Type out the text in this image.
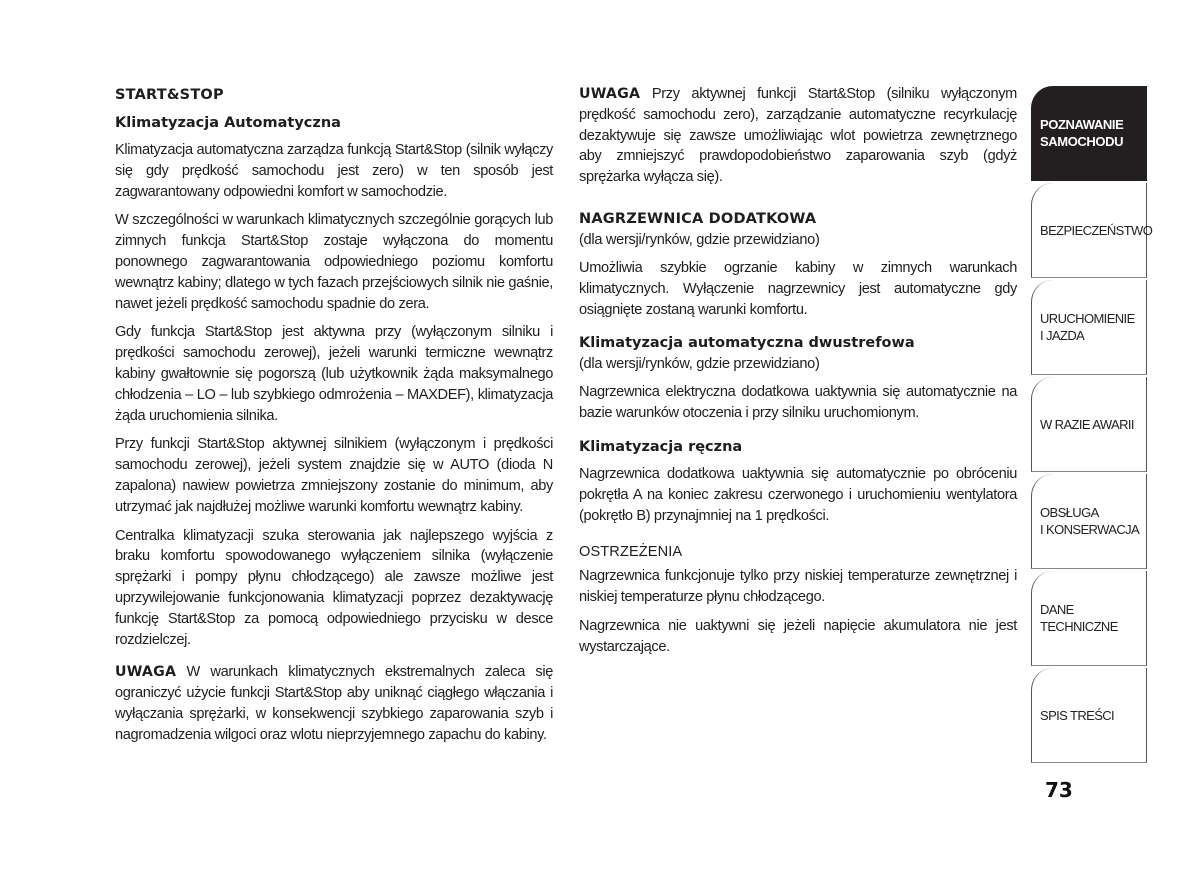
START&STOP

Klimatyzacja Automatyczna

Klimatyzacja automatyczna zarządza funkcją Start&Stop (silnik wyłączy się gdy prędkość samochodu jest zero) w ten sposób jest zagwarantowany odpowiedni komfort w samochodzie.

W szczególności w warunkach klimatycznych szczególnie gorących lub zimnych funkcja Start&Stop zostaje wyłączona do momentu ponownego zagwarantowania odpowiedniego poziomu komfortu wewnątrz kabiny; dlatego w tych fazach przejściowych silnik nie gaśnie, nawet jeżeli prędkość samochodu spadnie do zera.

Gdy funkcja Start&Stop jest aktywna przy (wyłączonym silniku i prędkości samochodu zerowej), jeżeli warunki termiczne wewnątrz kabiny gwałtownie się pogorszą (lub użytkownik żąda maksymalnego chłodzenia – LO – lub szybkiego odmrożenia – MAXDEF), klimatyzacja żąda uruchomienia silnika.

Przy funkcji Start&Stop aktywnej silnikiem (wyłączonym i prędkości samochodu zerowej), jeżeli system znajdzie się w AUTO (dioda N zapalona) nawiew powietrza zmniejszony zostanie do minimum, aby utrzymać jak najdłużej możliwe warunki komfortu wewnątrz kabiny.

Centralka klimatyzacji szuka sterowania jak najlepszego wyjścia z braku komfortu spowodowanego wyłączeniem silnika (wyłączenie sprężarki i pompy płynu chłodzącego) ale zawsze możliwe jest uprzywilejowanie funkcjonowania klimatyzacji poprzez dezaktywację funkcję Start&Stop za pomocą odpowiedniego przycisku w desce rozdzielczej.

UWAGA W warunkach klimatycznych ekstremalnych zaleca się ograniczyć użycie funkcji Start&Stop aby uniknąć ciągłego włączania i wyłączania sprężarki, w konsekwencji szybkiego zaparowania szyb i nagromadzenia wilgoci oraz wlotu nieprzyjemnego zapachu do kabiny.

UWAGA Przy aktywnej funkcji Start&Stop (silniku wyłączonym prędkość samochodu zero), zarządzanie automatyczne recyrkulację dezaktywuje się zawsze umożliwiając wlot powietrza zewnętrznego aby zmniejszyć prawdopodobieństwo zaparowania szyb (gdyż sprężarka wyłącza się).

NAGRZEWNICA DODATKOWA

(dla wersji/rynków, gdzie przewidziano)

Umożliwia szybkie ogrzanie kabiny w zimnych warunkach klimatycznych. Wyłączenie nagrzewnicy jest automatyczne gdy osiągnięte zostaną warunki komfortu.

Klimatyzacja automatyczna dwustrefowa

(dla wersji/rynków, gdzie przewidziano)

Nagrzewnica elektryczna dodatkowa uaktywnia się automatycznie na bazie warunków otoczenia i przy silniku uruchomionym.

Klimatyzacja ręczna

Nagrzewnica dodatkowa uaktywnia się automatycznie po obróceniu pokrętła A na koniec zakresu czerwonego i uruchomieniu wentylatora (pokrętło B) przynajmniej na 1 prędkości.

OSTRZEŻENIA

Nagrzewnica funkcjonuje tylko przy niskiej temperaturze zewnętrznej i niskiej temperaturze płynu chłodzącego.

Nagrzewnica nie uaktywni się jeżeli napięcie akumulatora nie jest wystarczające.

POZNAWANIE
SAMOCHODU
BEZPIECZEŃSTWO
URUCHOMIENIE
I JAZDA
W RAZIE AWARII
OBSŁUGA
I KONSERWACJA
DANE
TECHNICZNE
SPIS TREŚCI
73
